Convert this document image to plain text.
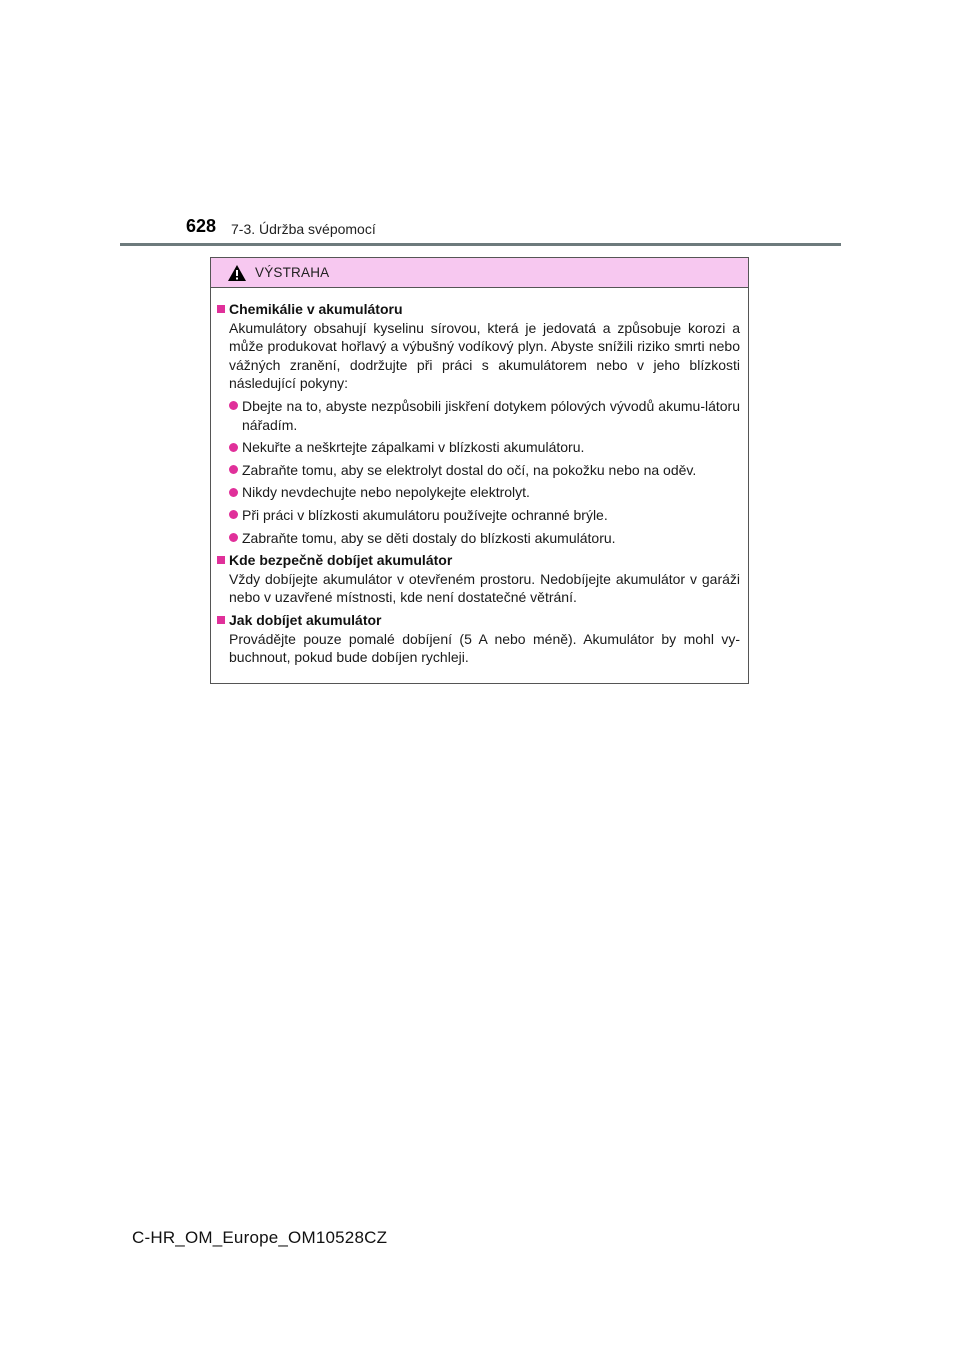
628 7-3. Údržba svépomocí
VÝSTRAHA
Chemikálie v akumulátoru
Akumulátory obsahují kyselinu sírovou, která je jedovatá a způsobuje korozi a může produkovat hořlavý a výbušný vodíkový plyn. Abyste snížili riziko smrti nebo vážných zranění, dodržujte při práci s akumulátorem nebo v jeho blízkosti následující pokyny:
Dbejte na to, abyste nezpůsobili jiskření dotykem pólových vývodů akumu-látoru nářadím.
Nekuřte a neškrtejte zápalkami v blízkosti akumulátoru.
Zabraňte tomu, aby se elektrolyt dostal do očí, na pokožku nebo na oděv.
Nikdy nevdechujte nebo nepolykejte elektrolyt.
Při práci v blízkosti akumulátoru používejte ochranné brýle.
Zabraňte tomu, aby se děti dostaly do blízkosti akumulátoru.
Kde bezpečně dobíjet akumulátor
Vždy dobíjejte akumulátor v otevřeném prostoru. Nedobíjejte akumulátor v garáži nebo v uzavřené místnosti, kde není dostatečné větrání.
Jak dobíjet akumulátor
Provádějte pouze pomalé dobíjení (5 A nebo méně). Akumulátor by mohl vy-buchnout, pokud bude dobíjen rychleji.
C-HR_OM_Europe_OM10528CZ
